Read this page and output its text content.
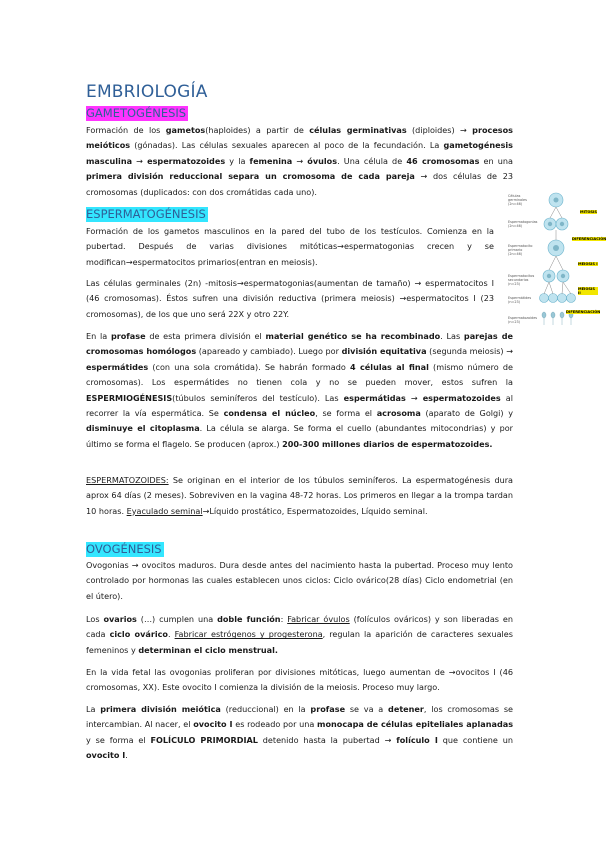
EMBRIOLOGÍA
GAMETOGÉNESIS
Formación de los gametos(haploides) a partir de células germinativas (diploides) → procesos meióticos (gónadas). Las células sexuales aparecen al poco de la fecundación. La gametogénesis masculina → espermatozoides y la femenina → óvulos. Una célula de 46 cromosomas en una primera división reduccional separa un cromosoma de cada pareja → dos células de 23 cromosomas (duplicados: con dos cromátidas cada uno).
ESPERMATOGÉNESIS
Formación de los gametos masculinos en la pared del tubo de los testículos. Comienza en la pubertad. Después de varias divisiones mitóticas→espermatogonias crecen y se modifican→espermatocitos primarios(entran en meiosis).
Las células germinales (2n) -mitosis→espermatogonias(aumentan de tamaño) → espermatocitos I (46 cromosomas). Éstos sufren una división reductiva (primera meiosis) →espermatocitos I (23 cromosomas), de los que uno será 22X y otro 22Y.
En la profase de esta primera división el material genético se ha recombinado. Las parejas de cromosomas homólogos (apareado y cambiado). Luego por división equitativa (segunda meiosis) → espermátides (con una sola cromátida). Se habrán formado 4 células al final (mismo número de cromosomas). Los espermátides no tienen cola y no se pueden mover, estos sufren la ESPERMIOGÉNESIS(túbulos seminíferos del testículo). Las espermátidas → espermatozoides al recorrer la vía espermática. Se condensa el núcleo, se forma el acrosoma (aparato de Golgi) y disminuye el citoplasma. La célula se alarga. Se forma el cuello (abundantes mitocondrias) y por último se forma el flagelo. Se producen (aprox.) 200-300 millones diarios de espermatozoides.
ESPERMATOZOIDES: Se originan en el interior de los túbulos seminíferos. La espermatogénesis dura aprox 64 días (2 meses). Sobreviven en la vagina 48-72 horas. Los primeros en llegar a la trompa tardan 10 horas. Eyaculado seminal→Líquido prostático, Espermatozoides, Líquido seminal.
OVOGÉNESIS
Ovogonias → ovocitos maduros. Dura desde antes del nacimiento hasta la pubertad. Proceso muy lento controlado por hormonas las cuales establecen unos ciclos: Ciclo ovárico(28 días) Ciclo endometrial (en el útero).
Los ovarios (…) cumplen una doble función: Fabricar óvulos (folículos ováricos) y son liberadas en cada ciclo ovárico. Fabricar estrógenos y progesterona, regulan la aparición de caracteres sexuales femeninos y determinan el ciclo menstrual.
En la vida fetal las ovogonias proliferan por divisiones mitóticas, luego aumentan de →ovocitos I (46 cromosomas, XX). Este ovocito I comienza la división de la meiosis. Proceso muy largo.
La primera división meiótica (reduccional) en la profase se va a detener, los cromosomas se intercambian. Al nacer, el ovocito I es rodeado por una monocapa de células epiteliales aplanadas y se forma el FOLÍCULO PRIMORDIAL detenido hasta la pubertad → folículo I que contiene un ovocito I.
Células germinales (2n=46)
Espermatogonias (2n=46)
Espermatocito primario (2n=46)
Espermatocitos secundarios (n=23)
Espermátides (n=23)
Espermatozoides (n=23)
MITOSIS
DIFERENCIACIÓN
MEIOSIS I
MEIOSIS II
DIFERENCIACIÓN
